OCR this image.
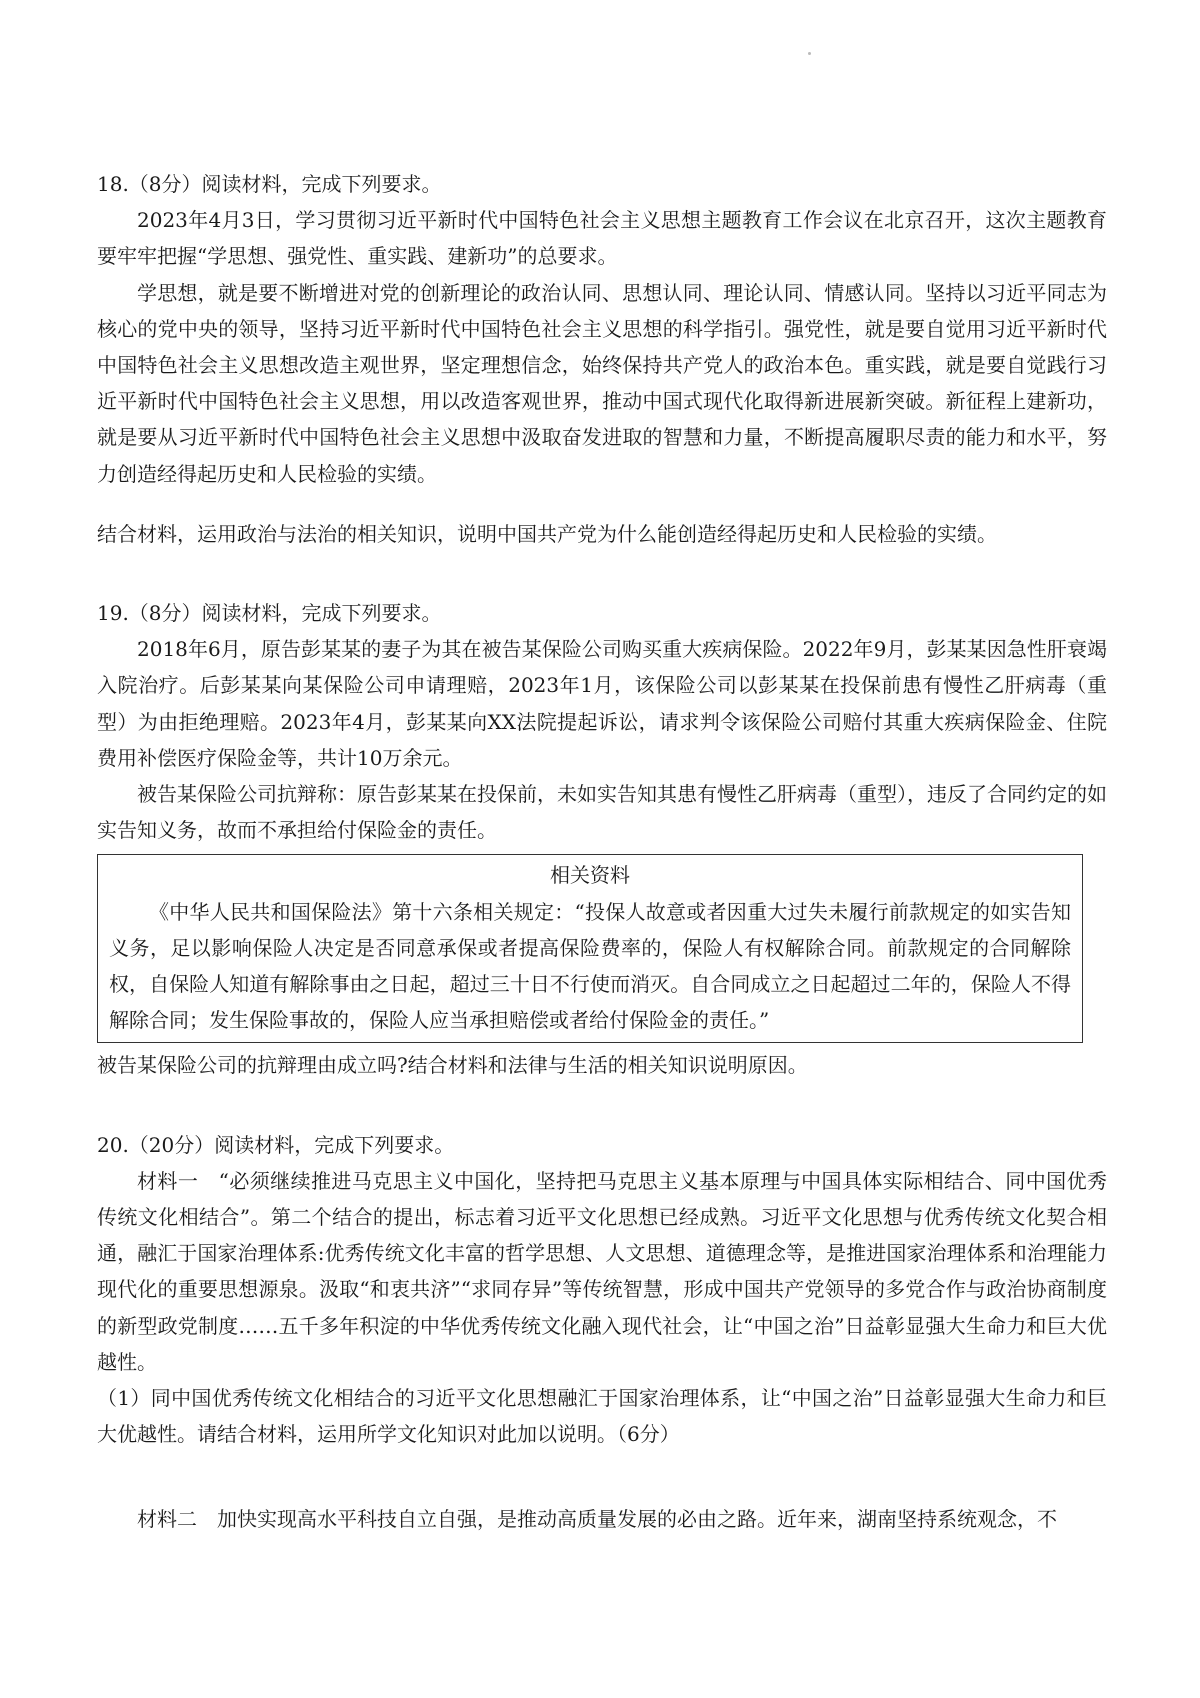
18.（8分）阅读材料，完成下列要求。

2023年4月3日，学习贯彻习近平新时代中国特色社会主义思想主题教育工作会议在北京召开，这次主题教育要牢牢把握“学思想、强党性、重实践、建新功”的总要求。

学思想，就是要不断增进对党的创新理论的政治认同、思想认同、理论认同、情感认同。坚持以习近平同志为核心的党中央的领导，坚持习近平新时代中国特色社会主义思想的科学指引。强党性，就是要自觉用习近平新时代中国特色社会主义思想改造主观世界，坚定理想信念，始终保持共产党人的政治本色。重实践，就是要自觉践行习近平新时代中国特色社会主义思想，用以改造客观世界，推动中国式现代化取得新进展新突破。新征程上建新功，就是要从习近平新时代中国特色社会主义思想中汲取奋发进取的智慧和力量，不断提高履职尽责的能力和水平，努力创造经得起历史和人民检验的实绩。

结合材料，运用政治与法治的相关知识，说明中国共产党为什么能创造经得起历史和人民检验的实绩。

19.（8分）阅读材料，完成下列要求。

2018年6月，原告彭某某的妻子为其在被告某保险公司购买重大疾病保险。2022年9月，彭某某因急性肝衰竭入院治疗。后彭某某向某保险公司申请理赔，2023年1月，该保险公司以彭某某在投保前患有慢性乙肝病毒（重型）为由拒绝理赔。2023年4月，彭某某向XX法院提起诉讼，请求判令该保险公司赔付其重大疾病保险金、住院费用补偿医疗保险金等，共计10万余元。

被告某保险公司抗辩称：原告彭某某在投保前，未如实告知其患有慢性乙肝病毒（重型），违反了合同约定的如实告知义务，故而不承担给付保险金的责任。

相关资料

《中华人民共和国保险法》第十六条相关规定：“投保人故意或者因重大过失未履行前款规定的如实告知义务，足以影响保险人决定是否同意承保或者提高保险费率的，保险人有权解除合同。前款规定的合同解除权，自保险人知道有解除事由之日起，超过三十日不行使而消灭。自合同成立之日起超过二年的，保险人不得解除合同；发生保险事故的，保险人应当承担赔偿或者给付保险金的责任。”

被告某保险公司的抗辩理由成立吗?结合材料和法律与生活的相关知识说明原因。

20.（20分）阅读材料，完成下列要求。

材料一　“必须继续推进马克思主义中国化，坚持把马克思主义基本原理与中国具体实际相结合、同中国优秀传统文化相结合”。第二个结合的提出，标志着习近平文化思想已经成熟。习近平文化思想与优秀传统文化契合相通，融汇于国家治理体系:优秀传统文化丰富的哲学思想、人文思想、道德理念等，是推进国家治理体系和治理能力现代化的重要思想源泉。汲取“和衷共济”“求同存异”等传统智慧，形成中国共产党领导的多党合作与政治协商制度的新型政党制度……五千多年积淀的中华优秀传统文化融入现代社会，让“中国之治”日益彰显强大生命力和巨大优越性。

（1）同中国优秀传统文化相结合的习近平文化思想融汇于国家治理体系，让“中国之治”日益彰显强大生命力和巨大优越性。请结合材料，运用所学文化知识对此加以说明。（6分）

材料二　加快实现高水平科技自立自强，是推动高质量发展的必由之路。近年来，湖南坚持系统观念，不
